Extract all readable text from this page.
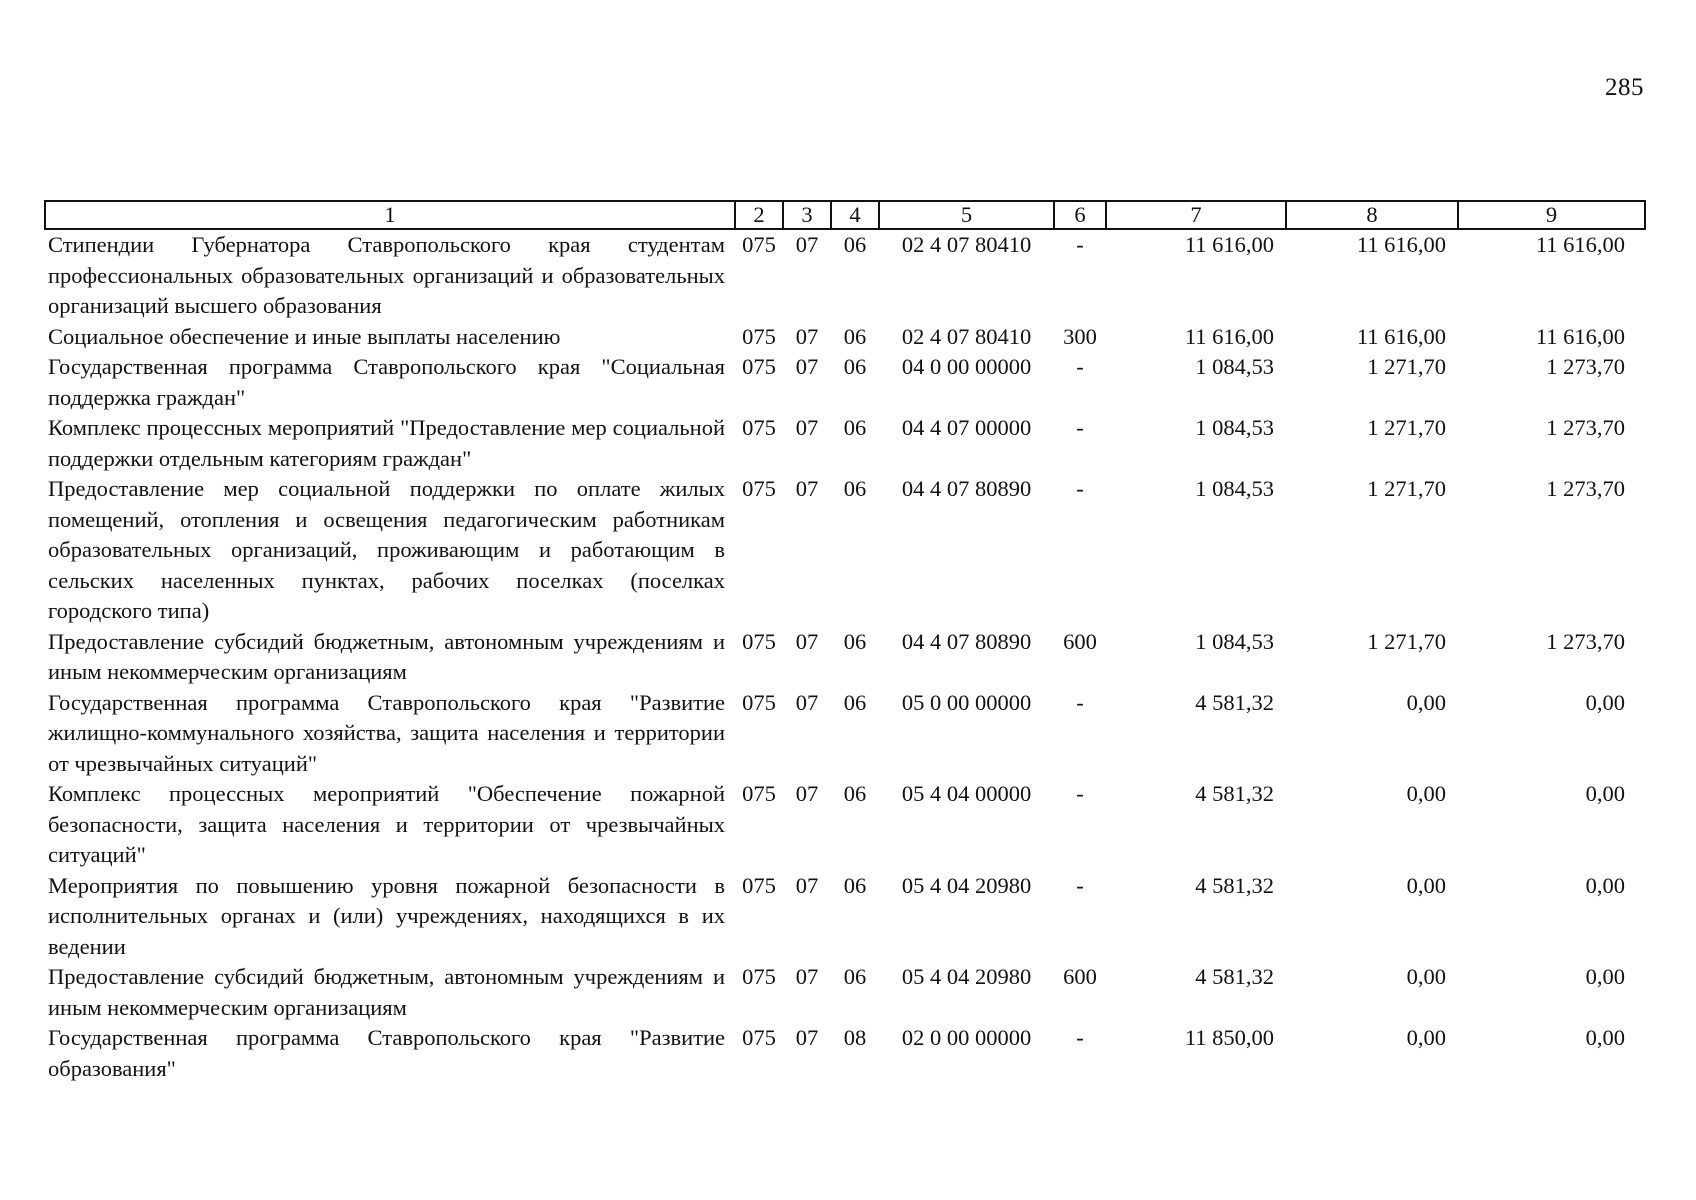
285
1	2	3	4	5	6	7	8	9
Стипендии Губернатора Ставропольского края студентам профессиональных образовательных организаций и образовательных организаций высшего образования	075	07	06	02 4 07 80410	-	11 616,00	11 616,00	11 616,00
Социальное обеспечение и иные выплаты населению	075	07	06	02 4 07 80410	300	11 616,00	11 616,00	11 616,00
Государственная программа Ставропольского края "Социальная поддержка граждан"	075	07	06	04 0 00 00000	-	1 084,53	1 271,70	1 273,70
Комплекс процессных мероприятий "Предоставление мер социальной поддержки отдельным категориям граждан"	075	07	06	04 4 07 00000	-	1 084,53	1 271,70	1 273,70
Предоставление мер социальной поддержки по оплате жилых помещений, отопления и освещения педагогическим работникам образовательных организаций, проживающим и работающим в сельских населенных пунктах, рабочих поселках (поселках городского типа)	075	07	06	04 4 07 80890	-	1 084,53	1 271,70	1 273,70
Предоставление субсидий бюджетным, автономным учреждениям и иным некоммерческим организациям	075	07	06	04 4 07 80890	600	1 084,53	1 271,70	1 273,70
Государственная программа Ставропольского края "Развитие жилищно-коммунального хозяйства, защита населения и территории от чрезвычайных ситуаций"	075	07	06	05 0 00 00000	-	4 581,32	0,00	0,00
Комплекс процессных мероприятий "Обеспечение пожарной безопасности, защита населения и территории от чрезвычайных ситуаций"	075	07	06	05 4 04 00000	-	4 581,32	0,00	0,00
Мероприятия по повышению уровня пожарной безопасности в исполнительных органах и (или) учреждениях, находящихся в их ведении	075	07	06	05 4 04 20980	-	4 581,32	0,00	0,00
Предоставление субсидий бюджетным, автономным учреждениям и иным некоммерческим организациям	075	07	06	05 4 04 20980	600	4 581,32	0,00	0,00
Государственная программа Ставропольского края "Развитие образования"	075	07	08	02 0 00 00000	-	11 850,00	0,00	0,00
